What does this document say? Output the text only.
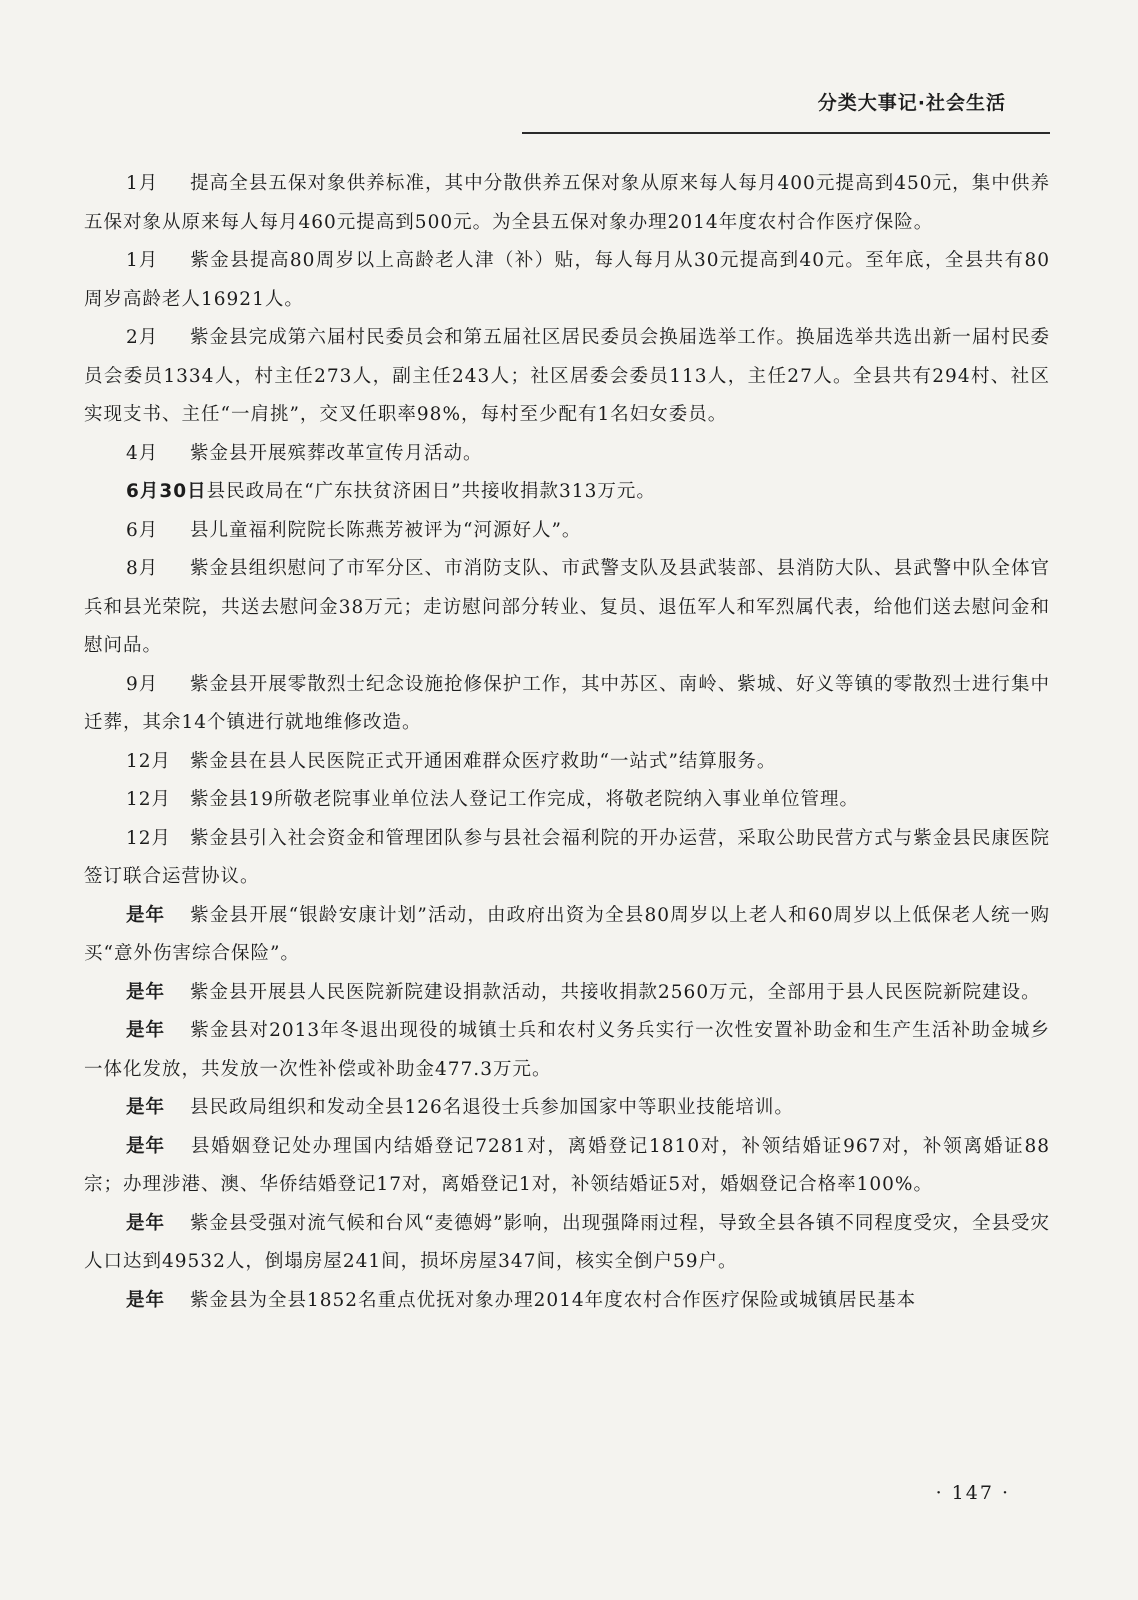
分类大事记·社会生活

1月 提高全县五保对象供养标准，其中分散供养五保对象从原来每人每月400元提高到450元，集中供养五保对象从原来每人每月460元提高到500元。为全县五保对象办理2014年度农村合作医疗保险。

1月 紫金县提高80周岁以上高龄老人津（补）贴，每人每月从30元提高到40元。至年底，全县共有80周岁高龄老人16921人。

2月 紫金县完成第六届村民委员会和第五届社区居民委员会换届选举工作。换届选举共选出新一届村民委员会委员1334人，村主任273人，副主任243人；社区居委会委员113人，主任27人。全县共有294村、社区实现支书、主任“一肩挑”，交叉任职率98%，每村至少配有1名妇女委员。

4月 紫金县开展殡葬改革宣传月活动。

6月30日县民政局在“广东扶贫济困日”共接收捐款313万元。

6月 县儿童福利院院长陈燕芳被评为“河源好人”。

8月 紫金县组织慰问了市军分区、市消防支队、市武警支队及县武装部、县消防大队、县武警中队全体官兵和县光荣院，共送去慰问金38万元；走访慰问部分转业、复员、退伍军人和军烈属代表，给他们送去慰问金和慰问品。

9月 紫金县开展零散烈士纪念设施抢修保护工作，其中苏区、南岭、紫城、好义等镇的零散烈士进行集中迁葬，其余14个镇进行就地维修改造。

12月 紫金县在县人民医院正式开通困难群众医疗救助“一站式”结算服务。

12月 紫金县19所敬老院事业单位法人登记工作完成，将敬老院纳入事业单位管理。

12月 紫金县引入社会资金和管理团队参与县社会福利院的开办运营，采取公助民营方式与紫金县民康医院签订联合运营协议。

是年 紫金县开展“银龄安康计划”活动，由政府出资为全县80周岁以上老人和60周岁以上低保老人统一购买“意外伤害综合保险”。

是年 紫金县开展县人民医院新院建设捐款活动，共接收捐款2560万元，全部用于县人民医院新院建设。

是年 紫金县对2013年冬退出现役的城镇士兵和农村义务兵实行一次性安置补助金和生产生活补助金城乡一体化发放，共发放一次性补偿或补助金477.3万元。

是年 县民政局组织和发动全县126名退役士兵参加国家中等职业技能培训。

是年 县婚姻登记处办理国内结婚登记7281对，离婚登记1810对，补领结婚证967对，补领离婚证88宗；办理涉港、澳、华侨结婚登记17对，离婚登记1对，补领结婚证5对，婚姻登记合格率100%。

是年 紫金县受强对流气候和台风“麦德姆”影响，出现强降雨过程，导致全县各镇不同程度受灾，全县受灾人口达到49532人，倒塌房屋241间，损坏房屋347间，核实全倒户59户。

是年 紫金县为全县1852名重点优抚对象办理2014年度农村合作医疗保险或城镇居民基本

· 147 ·
